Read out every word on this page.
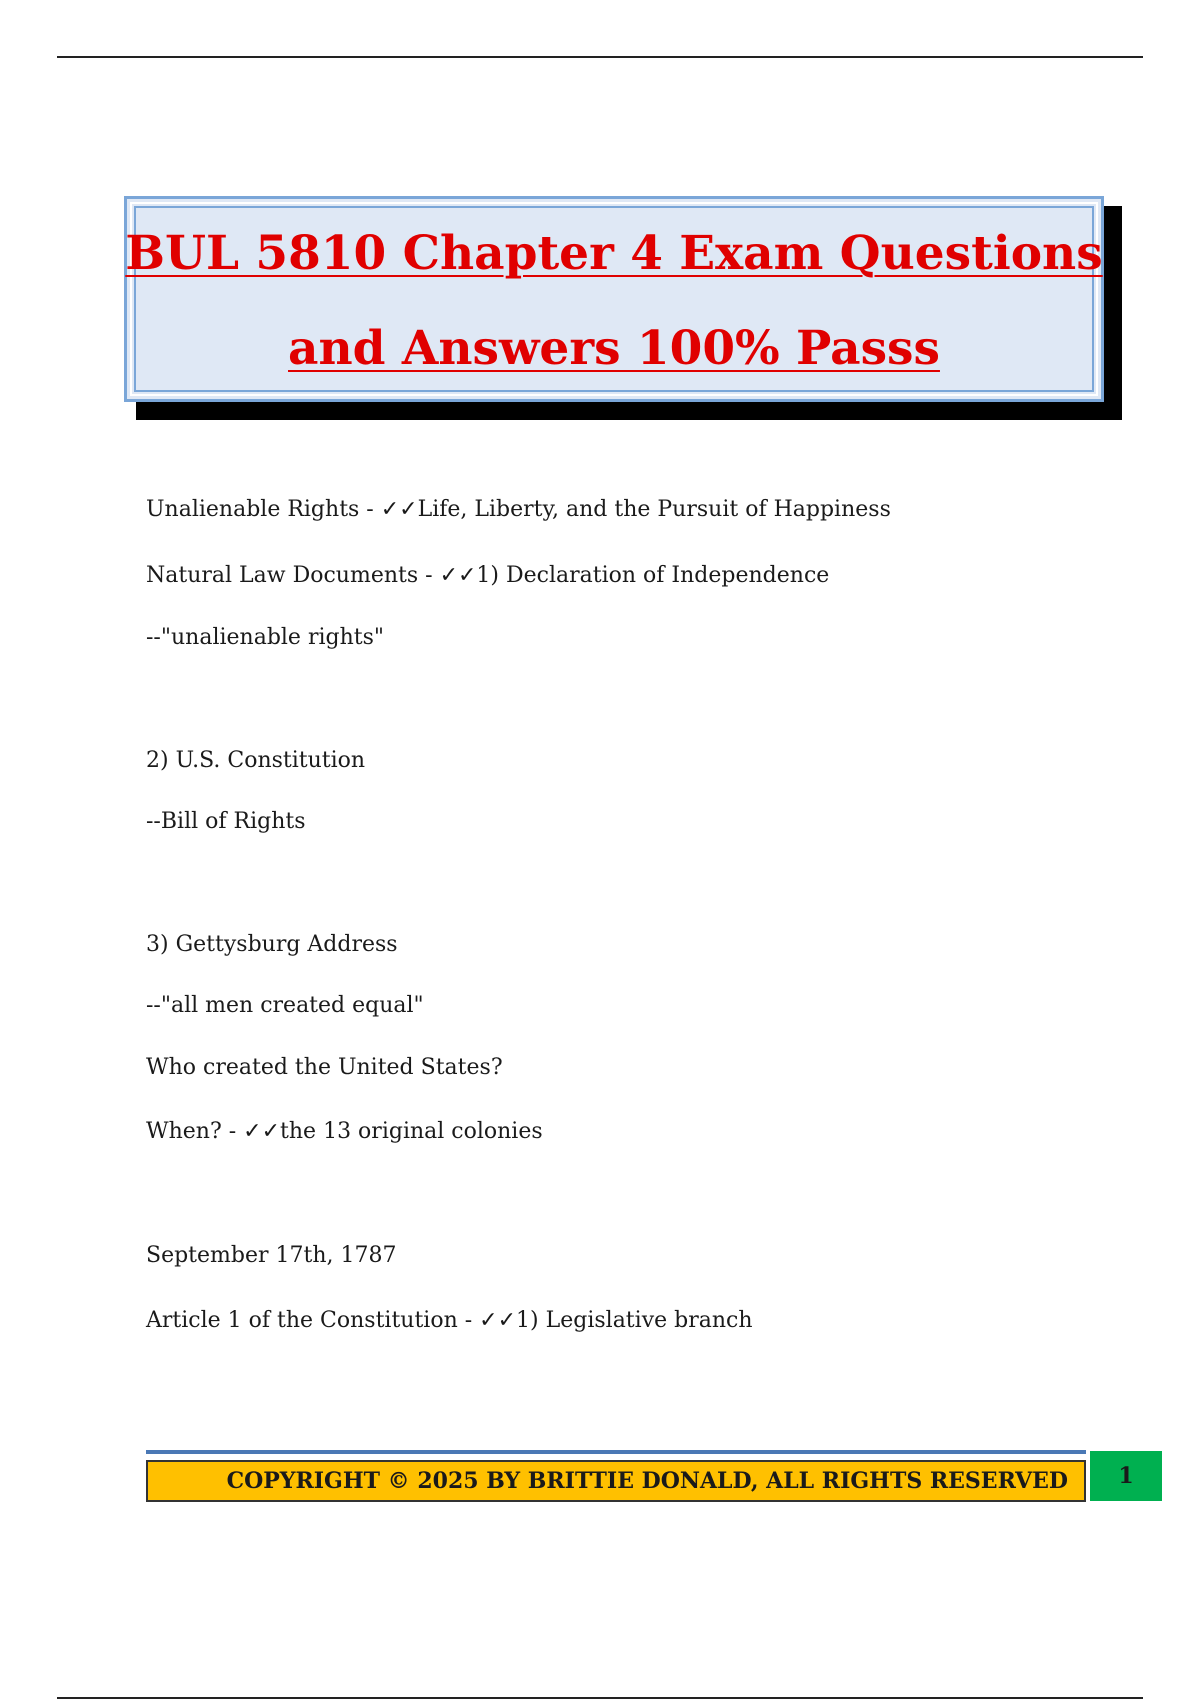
BUL 5810 Chapter 4 Exam Questions
and Answers 100% Passs
Unalienable Rights - ✓✓Life, Liberty, and the Pursuit of Happiness
Natural Law Documents - ✓✓1) Declaration of Independence
--"unalienable rights"
2) U.S. Constitution
--Bill of Rights
3) Gettysburg Address
--"all men created equal"
Who created the United States?
When? - ✓✓the 13 original colonies
September 17th, 1787
Article 1 of the Constitution - ✓✓1) Legislative branch
COPYRIGHT © 2025 BY BRITTIE DONALD, ALL RIGHTS RESERVED	1
